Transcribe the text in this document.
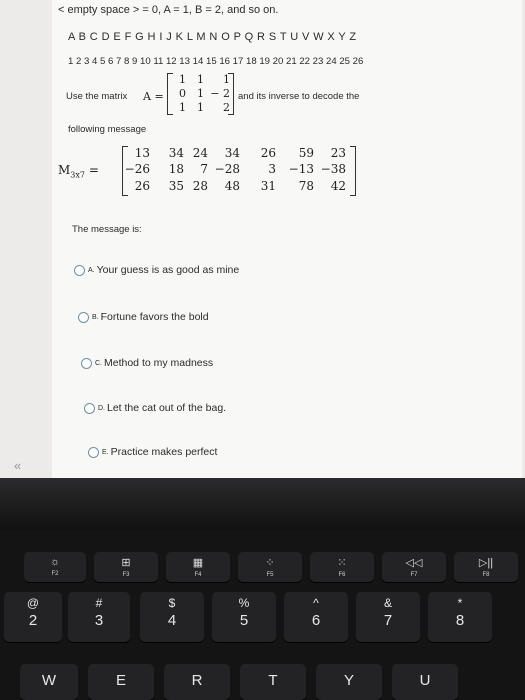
< empty space > = 0, A = 1, B = 2, and so on.
A B C D E F G H I J K L M N O P Q R S T U V W X Y Z
1 2 3 4 5 6 7 8 9 10 11 12 13 14 15 16 17 18 19 20 21 22 23 24 25 26
Use the matrix A =
1 1 1
0 1 − 2
1 1 2
and its inverse to decode the
following message
$M_{3x7}$ =
13 34 24 34 26 59 23
−26 18 7 −28 3 −13 −38
26 35 28 48 31 78 42
The message is:
A. Your guess is as good as mine
B. Fortune favors the bold
C. Method to my madness
D. Let the cat out of the bag.
E. Practice makes perfect
«
☼
F2
⊞
F3
▦
F4
⁘
F5
⁙
F6
◁◁
F7
▷||
F8
@
2
#
3
$
4
%
5
^
6
&
7
*
8
W	E	R	T	Y	U
